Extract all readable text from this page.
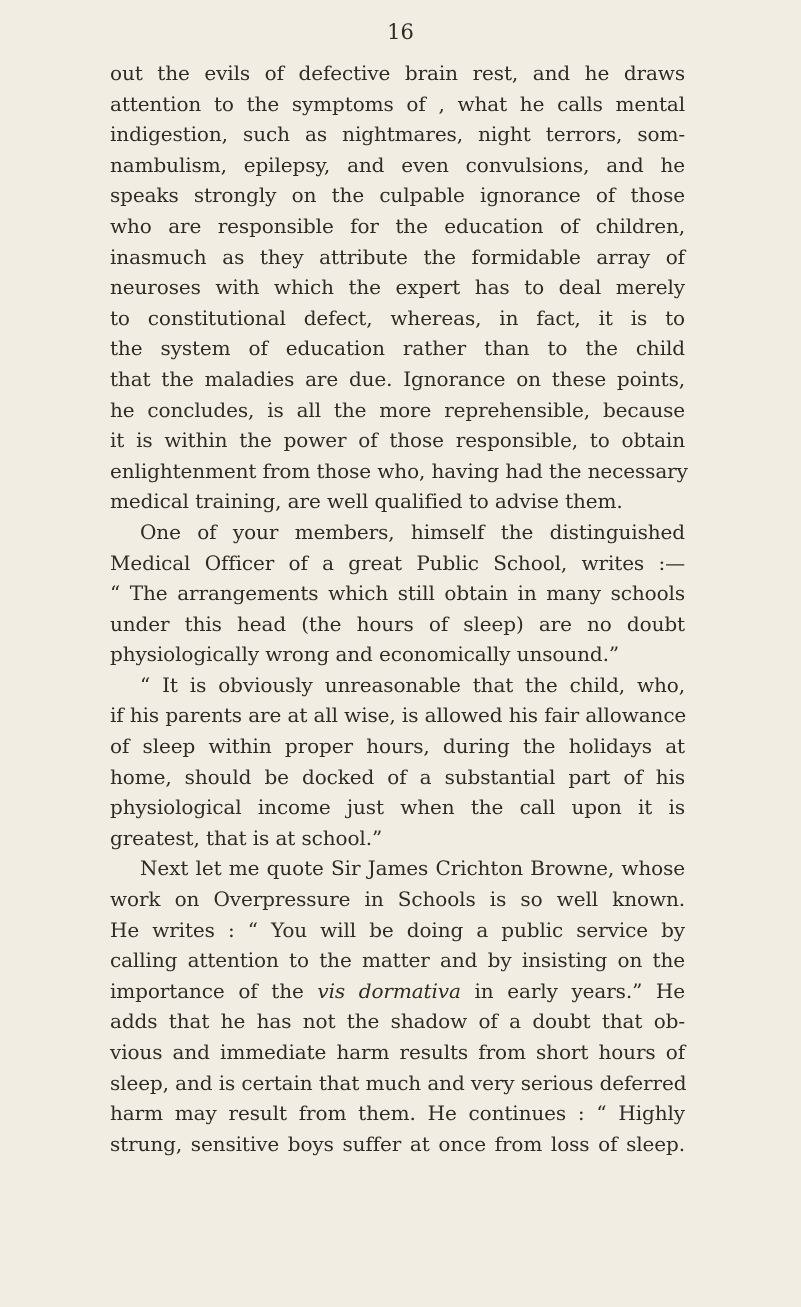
16
out the evils of defective brain rest, and he draws
attention to the symptoms of , what he calls mental
indigestion, such as nightmares, night terrors, som-
nambulism, epilepsy, and even convulsions, and he
speaks strongly on the culpable ignorance of those
who are responsible for the education of children,
inasmuch as they attribute the formidable array of
neuroses with which the expert has to deal merely
to constitutional defect, whereas, in fact, it is to
the system of education rather than to the child
that the maladies are due. Ignorance on these points,
he concludes, is all the more reprehensible, because
it is within the power of those responsible, to obtain
enlightenment from those who, having had the necessary
medical training, are well qualified to advise them.
One of your members, himself the distinguished
Medical Officer of a great Public School, writes :—
“ The arrangements which still obtain in many schools
under this head (the hours of sleep) are no doubt
physiologically wrong and economically unsound.”
“ It is obviously unreasonable that the child, who,
if his parents are at all wise, is allowed his fair allowance
of sleep within proper hours, during the holidays at
home, should be docked of a substantial part of his
physiological income just when the call upon it is
greatest, that is at school.”
Next let me quote Sir James Crichton Browne, whose
work on Overpressure in Schools is so well known.
He writes : “ You will be doing a public service by
calling attention to the matter and by insisting on the
importance of the vis dormativa in early years.” He
adds that he has not the shadow of a doubt that ob-
vious and immediate harm results from short hours of
sleep, and is certain that much and very serious deferred
harm may result from them. He continues : “ Highly
strung, sensitive boys suffer at once from loss of sleep.
